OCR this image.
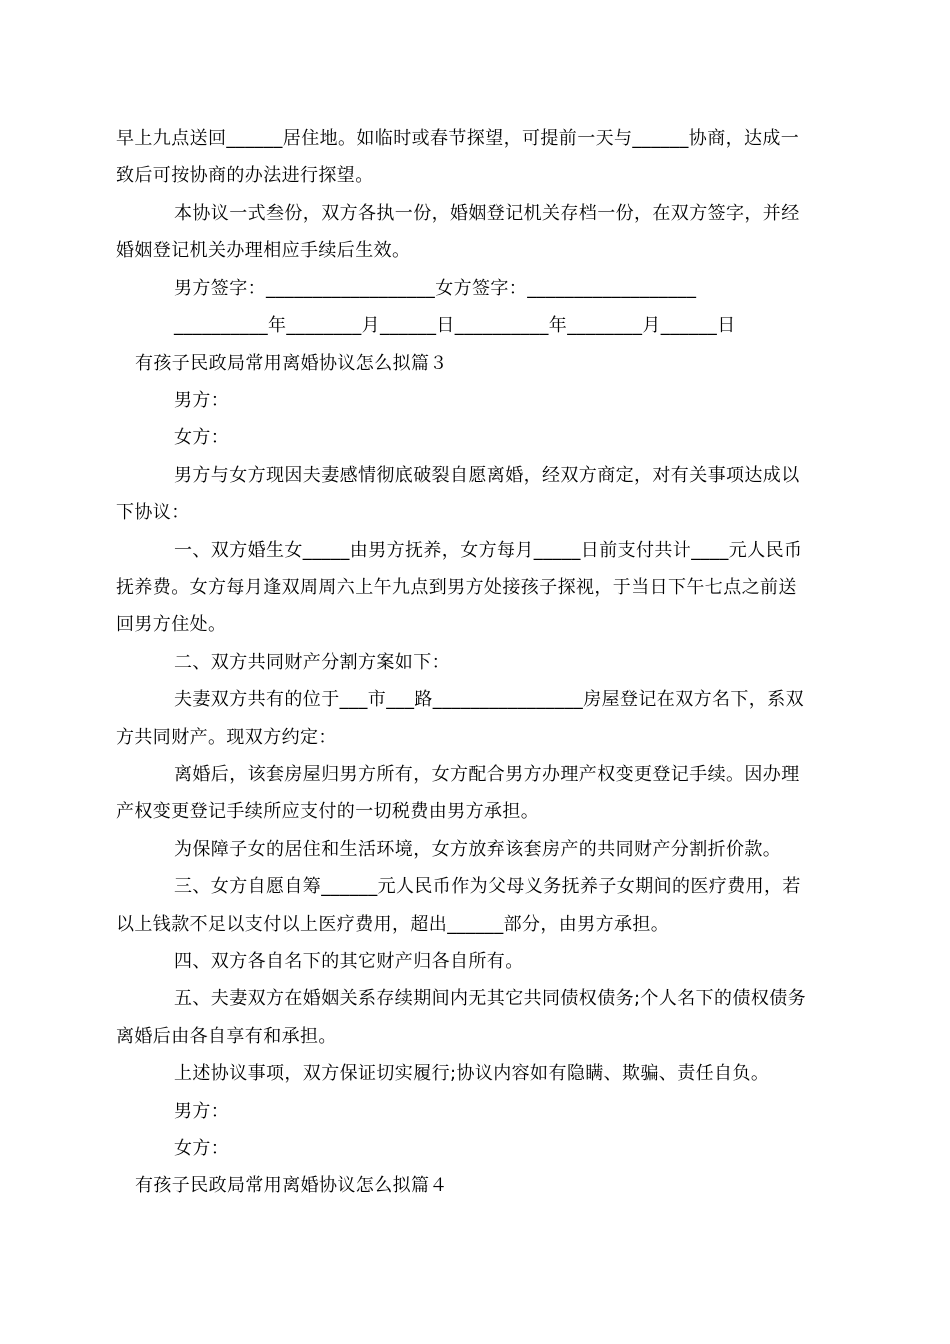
早上九点送回______居住地。如临时或春节探望，可提前一天与______协商，达成一
致后可按协商的办法进行探望。
本协议一式叁份，双方各执一份，婚姻登记机关存档一份，在双方签字，并经
婚姻登记机关办理相应手续后生效。
男方签字：__________________女方签字：__________________
__________年________月______日__________年________月______日
有孩子民政局常用离婚协议怎么拟篇３
男方：
女方：
男方与女方现因夫妻感情彻底破裂自愿离婚，经双方商定，对有关事项达成以
下协议：
一、双方婚生女_____由男方抚养，女方每月_____日前支付共计____元人民币
抚养费。女方每月逢双周周六上午九点到男方处接孩子探视，于当日下午七点之前送
回男方住处。
二、双方共同财产分割方案如下：
夫妻双方共有的位于___市___路________________房屋登记在双方名下，系双
方共同财产。现双方约定：
离婚后，该套房屋归男方所有，女方配合男方办理产权变更登记手续。因办理
产权变更登记手续所应支付的一切税费由男方承担。
为保障子女的居住和生活环境，女方放弃该套房产的共同财产分割折价款。
三、女方自愿自筹______元人民币作为父母义务抚养子女期间的医疗费用，若
以上钱款不足以支付以上医疗费用，超出______部分，由男方承担。
四、双方各自名下的其它财产归各自所有。
五、夫妻双方在婚姻关系存续期间内无其它共同债权债务;个人名下的债权债务
离婚后由各自享有和承担。
上述协议事项，双方保证切实履行;协议内容如有隐瞒、欺骗、责任自负。
男方：
女方：
有孩子民政局常用离婚协议怎么拟篇４
